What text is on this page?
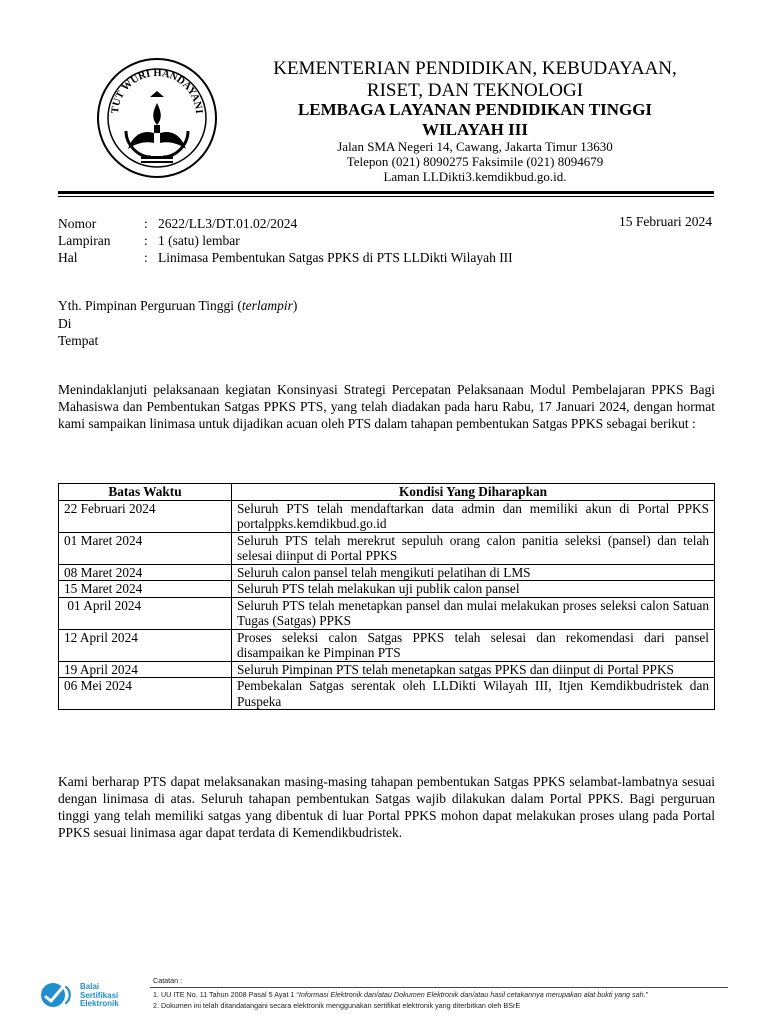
TUT WURI HANDAYANI
KEMENTERIAN PENDIDIKAN, KEBUDAYAAN,
RISET, DAN TEKNOLOGI
LEMBAGA LAYANAN PENDIDIKAN TINGGI
WILAYAH III
Jalan SMA Negeri 14, Cawang, Jakarta Timur 13630
Telepon (021) 8090275 Faksimile (021) 8094679
Laman LLDikti3.kemdikbud.go.id.
15 Februari 2024
Nomor	: 2622/LL3/DT.01.02/2024
Lampiran : 1 (satu) lembar
Hal	: Linimasa Pembentukan Satgas PPKS di PTS LLDikti Wilayah III
Yth. Pimpinan Perguruan Tinggi (terlampir)
Di
Tempat
Menindaklanjuti pelaksanaan kegiatan Konsinyasi Strategi Percepatan Pelaksanaan Modul Pembelajaran PPKS Bagi Mahasiswa dan Pembentukan Satgas PPKS PTS, yang telah diadakan pada haru Rabu, 17 Januari 2024, dengan hormat kami sampaikan linimasa untuk dijadikan acuan oleh PTS dalam tahapan pembentukan Satgas PPKS sebagai berikut :
Batas Waktu	Kondisi Yang Diharapkan
22 Februari 2024	Seluruh PTS telah mendaftarkan data admin dan memiliki akun di Portal PPKS portalppks.kemdikbud.go.id
01 Maret 2024	Seluruh PTS telah merekrut sepuluh orang calon panitia seleksi (pansel) dan telah selesai diinput di Portal PPKS
08 Maret 2024	Seluruh calon pansel telah mengikuti pelatihan di LMS
15 Maret 2024	Seluruh PTS telah melakukan uji publik calon pansel
01 April 2024	Seluruh PTS telah menetapkan pansel dan mulai melakukan proses seleksi calon Satuan Tugas (Satgas) PPKS
12 April 2024	Proses seleksi calon Satgas PPKS telah selesai dan rekomendasi dari pansel disampaikan ke Pimpinan PTS
19 April 2024	Seluruh Pimpinan PTS telah menetapkan satgas PPKS dan diinput di Portal PPKS
06 Mei 2024	Pembekalan Satgas serentak oleh LLDikti Wilayah III, Itjen Kemdikbudristek dan Puspeka
Kami berharap PTS dapat melaksanakan masing-masing tahapan pembentukan Satgas PPKS selambat-lambatnya sesuai dengan linimasa di atas. Seluruh tahapan pembentukan Satgas wajib dilakukan dalam Portal PPKS. Bagi perguruan tinggi yang telah memiliki satgas yang dibentuk di luar Portal PPKS mohon dapat melakukan proses ulang pada Portal PPKS sesuai linimasa agar dapat terdata di Kemendikbudristek.
Balai
Sertifikasi
Elektronik
Catatan :
1. UU ITE No. 11 Tahun 2008 Pasal 5 Ayat 1 “Informasi Elektronik dan/atau Dokumen Elektronik dan/atau hasil cetakannya merupakan alat bukti yang sah.”
2. Dokumen ini telah ditandatangani secara elektronik menggunakan sertifikat elektronik yang diterbitkan oleh BSrE
